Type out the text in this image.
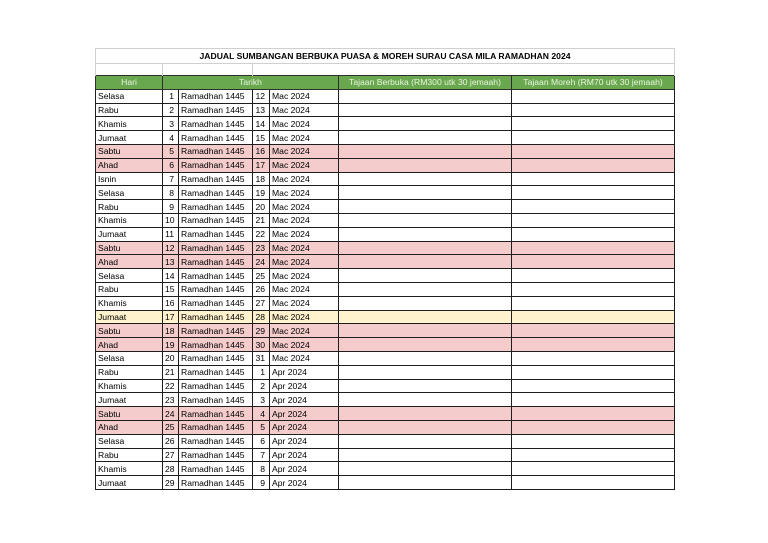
JADUAL SUMBANGAN BERBUKA PUASA & MOREH SURAU CASA MILA RAMADHAN 2024						

Hari	Tarikh				Tajaan Berbuka (RM300 utk 30 jemaah)	Tajaan Moreh (RM70 utk 30 jemaah)
Selasa	1	Ramadhan 1445	12	Mac 2024		
Rabu	2	Ramadhan 1445	13	Mac 2024		
Khamis	3	Ramadhan 1445	14	Mac 2024		
Jumaat	4	Ramadhan 1445	15	Mac 2024		
Sabtu	5	Ramadhan 1445	16	Mac 2024		
Ahad	6	Ramadhan 1445	17	Mac 2024		
Isnin	7	Ramadhan 1445	18	Mac 2024		
Selasa	8	Ramadhan 1445	19	Mac 2024		
Rabu	9	Ramadhan 1445	20	Mac 2024		
Khamis	10	Ramadhan 1445	21	Mac 2024		
Jumaat	11	Ramadhan 1445	22	Mac 2024		
Sabtu	12	Ramadhan 1445	23	Mac 2024		
Ahad	13	Ramadhan 1445	24	Mac 2024		
Selasa	14	Ramadhan 1445	25	Mac 2024		
Rabu	15	Ramadhan 1445	26	Mac 2024		
Khamis	16	Ramadhan 1445	27	Mac 2024		
Jumaat	17	Ramadhan 1445	28	Mac 2024		
Sabtu	18	Ramadhan 1445	29	Mac 2024		
Ahad	19	Ramadhan 1445	30	Mac 2024		
Selasa	20	Ramadhan 1445	31	Mac 2024		
Rabu	21	Ramadhan 1445	1	Apr 2024		
Khamis	22	Ramadhan 1445	2	Apr 2024		
Jumaat	23	Ramadhan 1445	3	Apr 2024		
Sabtu	24	Ramadhan 1445	4	Apr 2024		
Ahad	25	Ramadhan 1445	5	Apr 2024		
Selasa	26	Ramadhan 1445	6	Apr 2024		
Rabu	27	Ramadhan 1445	7	Apr 2024		
Khamis	28	Ramadhan 1445	8	Apr 2024		
Jumaat	29	Ramadhan 1445	9	Apr 2024		
